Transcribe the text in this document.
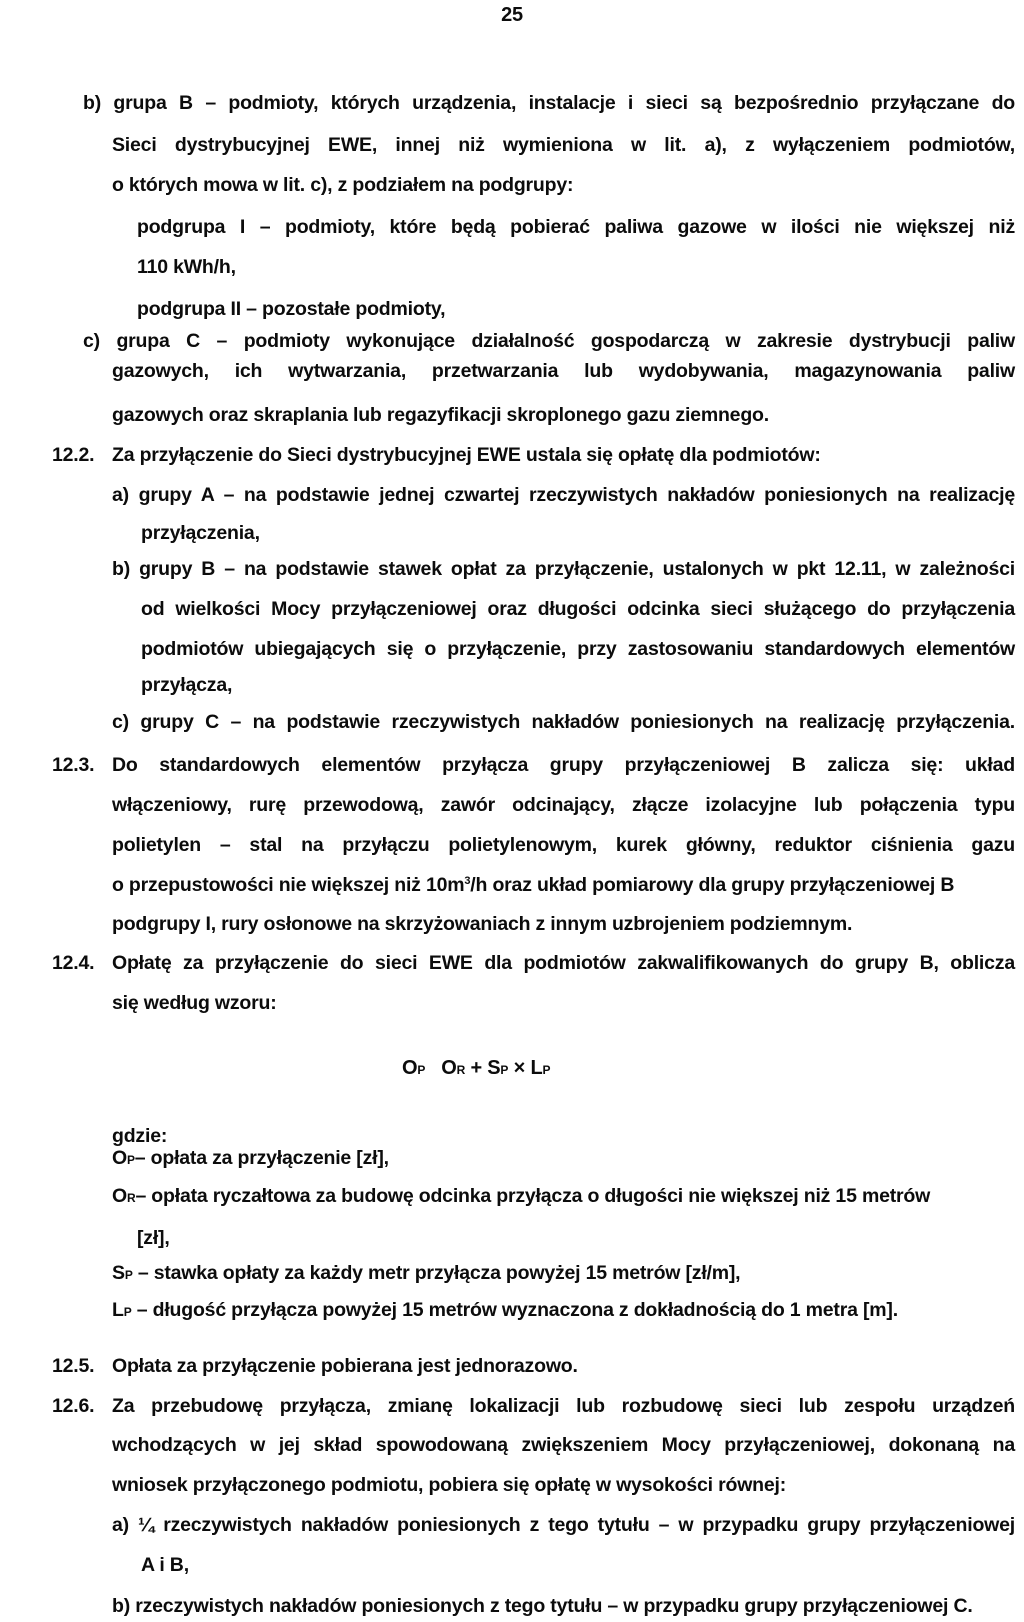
25
b) grupa B – podmioty, których urządzenia, instalacje i sieci są bezpośrednio przyłączane do
Sieci dystrybucyjnej EWE, innej niż wymieniona w lit. a), z wyłączeniem podmiotów,
o których mowa w lit. c), z podziałem na podgrupy:
podgrupa I – podmioty, które będą pobierać paliwa gazowe w ilości nie większej niż
110 kWh/h,
podgrupa II – pozostałe podmioty,
c) grupa C – podmioty wykonujące działalność gospodarczą w zakresie dystrybucji paliw
gazowych, ich wytwarzania, przetwarzania lub wydobywania, magazynowania paliw
gazowych oraz skraplania lub regazyfikacji skroplonego gazu ziemnego.
12.2. Za przyłączenie do Sieci dystrybucyjnej EWE ustala się opłatę dla podmiotów:
a) grupy A – na podstawie jednej czwartej rzeczywistych nakładów poniesionych na realizację
przyłączenia,
b) grupy B – na podstawie stawek opłat za przyłączenie, ustalonych w pkt 12.11, w zależności
od wielkości Mocy przyłączeniowej oraz długości odcinka sieci służącego do przyłączenia
podmiotów ubiegających się o przyłączenie, przy zastosowaniu standardowych elementów
przyłącza,
c) grupy C – na podstawie rzeczywistych nakładów poniesionych na realizację przyłączenia.
12.3. Do standardowych elementów przyłącza grupy przyłączeniowej B zalicza się: układ
włączeniowy, rurę przewodową, zawór odcinający, złącze izolacyjne lub połączenia typu
polietylen – stal na przyłączu polietylenowym, kurek główny, reduktor ciśnienia gazu
o przepustowości nie większej niż $10m^3/h$ oraz układ pomiarowy dla grupy przyłączeniowej B
podgrupy I, rury osłonowe na skrzyżowaniach z innym uzbrojeniem podziemnym.
12.4. Opłatę za przyłączenie do sieci EWE dla podmiotów zakwalifikowanych do grupy B, oblicza
się według wzoru:
OP OR + SP × LP
gdzie:
OP– opłata za przyłączenie [zł],
OR– opłata ryczałtowa za budowę odcinka przyłącza o długości nie większej niż 15 metrów
[zł],
SP – stawka opłaty za każdy metr przyłącza powyżej 15 metrów [zł/m],
LP – długość przyłącza powyżej 15 metrów wyznaczona z dokładnością do 1 metra [m].
12.5. Opłata za przyłączenie pobierana jest jednorazowo.
12.6. Za przebudowę przyłącza, zmianę lokalizacji lub rozbudowę sieci lub zespołu urządzeń
wchodzących w jej skład spowodowaną zwiększeniem Mocy przyłączeniowej, dokonaną na
wniosek przyłączonego podmiotu, pobiera się opłatę w wysokości równej:
a) ¼ rzeczywistych nakładów poniesionych z tego tytułu – w przypadku grupy przyłączeniowej
A i B,
b) rzeczywistych nakładów poniesionych z tego tytułu – w przypadku grupy przyłączeniowej C.
